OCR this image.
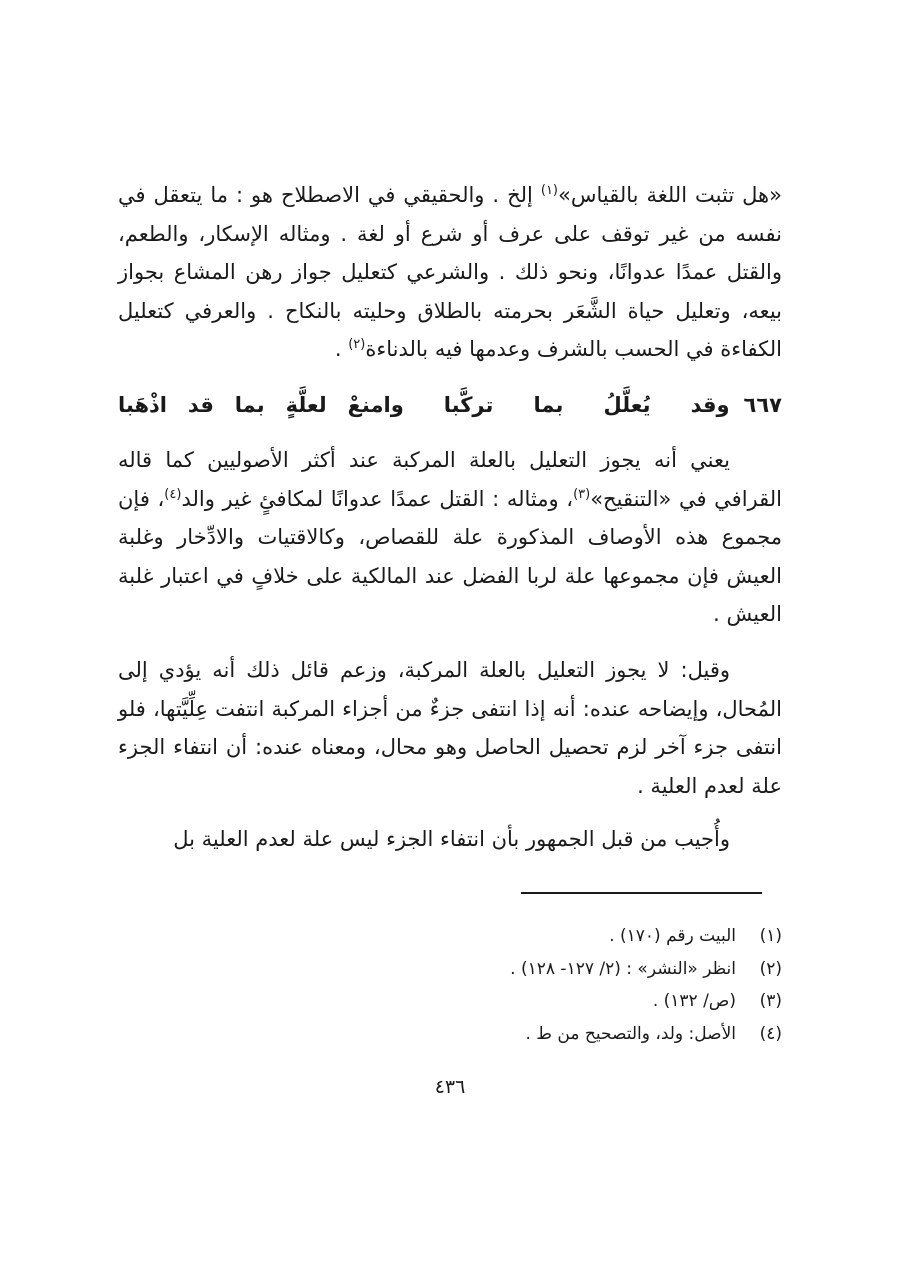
«هل تثبت اللغة بالقياس»$^{(١)}$ إلخ . والحقيقي في الاصطلاح هو : ما يتعقل في نفسه من غير توقف على عرف أو شرع أو لغة . ومثاله الإسكار، والطعم، والقتل عمدًا عدوانًا، ونحو ذلك . والشرعي كتعليل جواز رهن المشاع بجواز بيعه، وتعليل حياة الشَّعَر بحرمته بالطلاق وحليته بالنكاح . والعرفي كتعليل الكفاءة في الحسب بالشرف وعدمها فيه بالدناءة$^{(٢)}$ .

٦٦٧
وقد يُعلَّلُ بما تركَّبا
وامنعْ لعلَّةٍ بما قد اذْهَبا

يعني أنه يجوز التعليل بالعلة المركبة عند أكثر الأصوليين كما قاله القرافي في «التنقيح»$^{(٣)}$، ومثاله : القتل عمدًا عدوانًا لمكافئٍ غير والد$^{(٤)}$، فإن مجموع هذه الأوصاف المذكورة علة للقصاص، وكالاقتيات والادِّخار وغلبة العيش فإن مجموعها علة لربا الفضل عند المالكية على خلافٍ في اعتبار غلبة العيش .

وقيل: لا يجوز التعليل بالعلة المركبة، وزعم قائل ذلك أنه يؤدي إلى المُحال، وإيضاحه عنده: أنه إذا انتفى جزءٌ من أجزاء المركبة انتفت عِلِّيَّتها، فلو انتفى جزء آخر لزم تحصيل الحاصل وهو محال، ومعناه عنده: أن انتفاء الجزء علة لعدم العلية .

وأُجيب من قبل الجمهور بأن انتفاء الجزء ليس علة لعدم العلية بل

(١)
البيت رقم (١٧٠) .
(٢)
انظر «النشر» : (٢/ ١٢٧- ١٢٨) .
(٣)
(ص/ ١٣٢) .
(٤)
الأصل: ولد، والتصحيح من ط .
٤٣٦
